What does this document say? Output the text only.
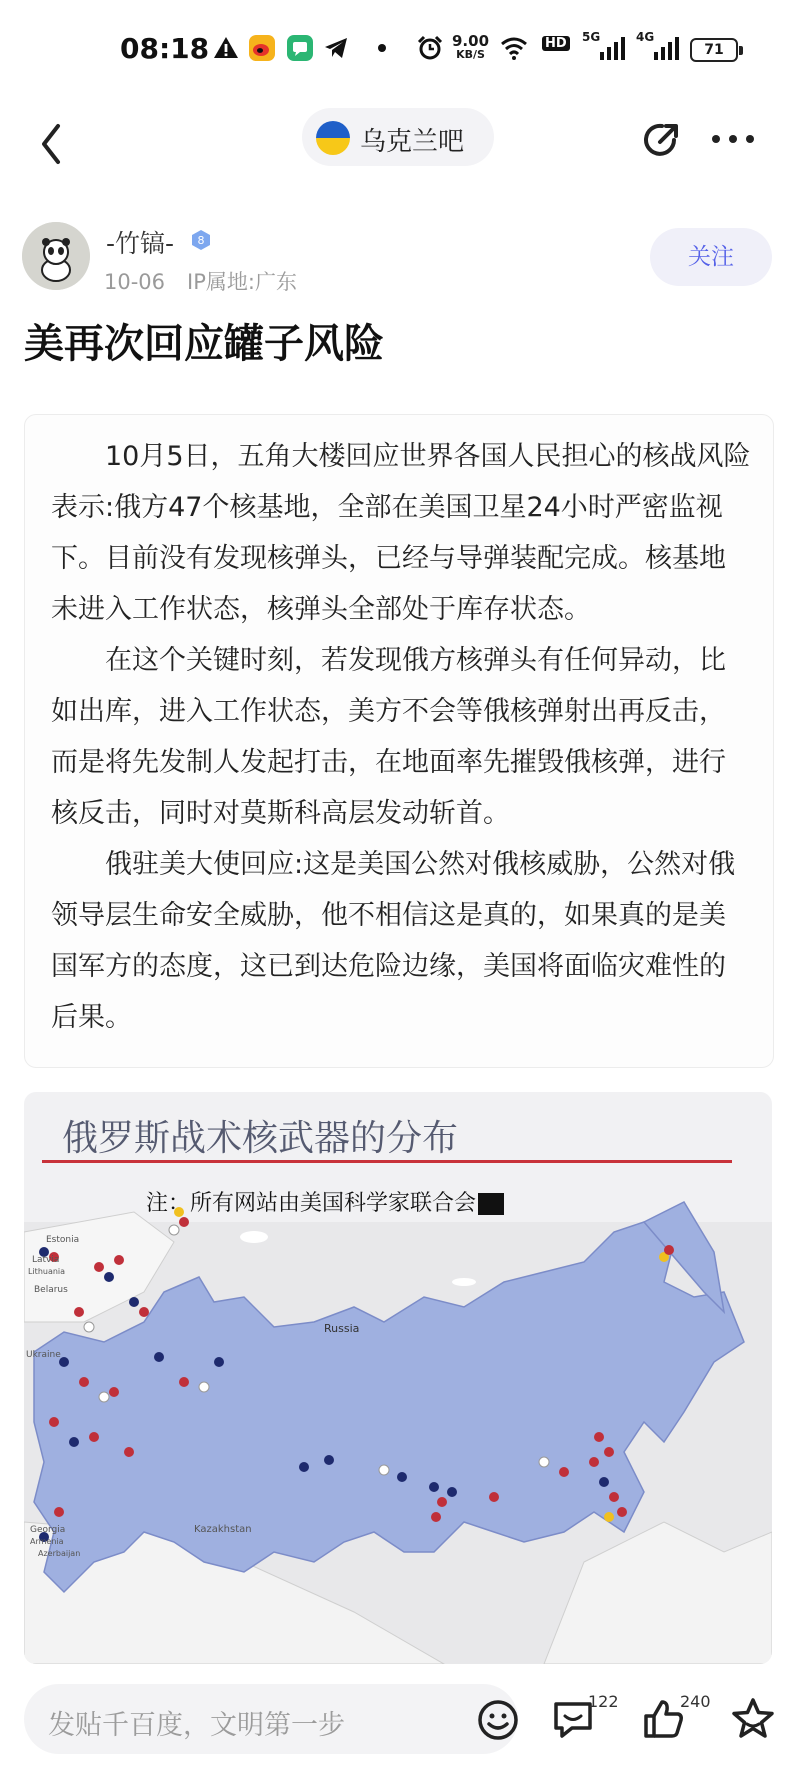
08:18	9.00
KB/S
HD 5G	4G
71
乌克兰吧
-竹镐- 8
10-06 IP属地:广东
关注
美再次回应罐子风险

10月5日，五角大楼回应世界各国人民担心的核战风险表示:俄方47个核基地，全部在美国卫星24小时严密监视下。目前没有发现核弹头，已经与导弹装配完成。核基地未进入工作状态，核弹头全部处于库存状态。

在这个关键时刻，若发现俄方核弹头有任何异动，比如出库，进入工作状态，美方不会等俄核弹射出再反击，而是将先发制人发起打击，在地面率先摧毁俄核弹，进行核反击，同时对莫斯科高层发动斩首。

俄驻美大使回应:这是美国公然对俄核威胁，公然对俄领导层生命安全威胁，他不相信这是真的，如果真的是美国军方的态度，这已到达危险边缘，美国将面临灾难性的后果。

Russia
Kazakhstan
Estonia
Latvia
Lithuania
Belarus
Ukraine
Georgia
Armenia
Azerbaijan
俄罗斯战术核武器的分布
注：所有网站由美国科学家联合会
发贴千百度，文明第一步
122	240
